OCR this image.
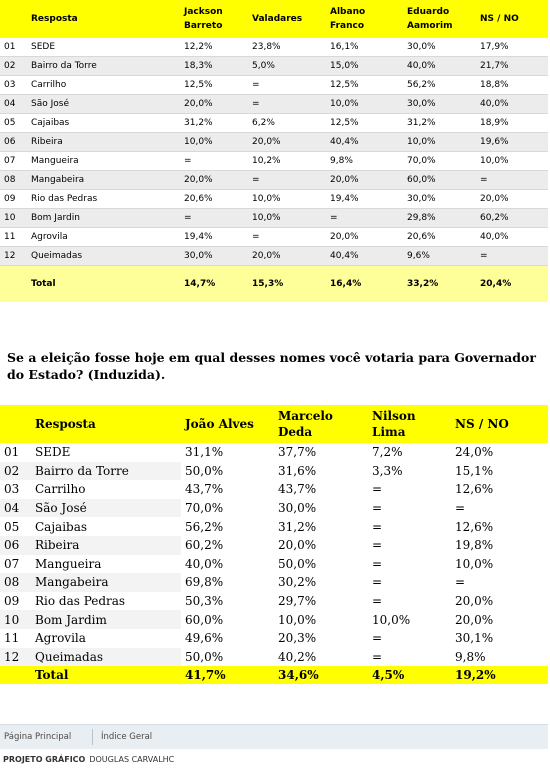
	Resposta	Jackson Barreto	Valadares	Albano Franco	Eduardo Aamorim	NS / NO
01	SEDE	12,2%	23,8%	16,1%	30,0%	17,9%
02	Bairro da Torre	18,3%	5,0%	15,0%	40,0%	21,7%
03	Carrilho	12,5%	=	12,5%	56,2%	18,8%
04	São José	20,0%	=	10,0%	30,0%	40,0%
05	Cajaibas	31,2%	6,2%	12,5%	31,2%	18,9%
06	Ribeira	10,0%	20,0%	40,4%	10,0%	19,6%
07	Mangueira	=	10,2%	9,8%	70,0%	10,0%
08	Mangabeira	20,0%	=	20,0%	60,0%	=
09	Rio das Pedras	20,6%	10,0%	19,4%	30,0%	20,0%
10	Bom Jardin	=	10,0%	=	29,8%	60,2%
11	Agrovila	19,4%	=	20,0%	20,6%	40,0%
12	Queimadas	30,0%	20,0%	40,4%	9,6%	=
	Total	14,7%	15,3%	16,4%	33,2%	20,4%
Se a eleição fosse hoje em qual desses nomes você votaria para Governador do Estado? (Induzida).
	Resposta	João Alves	Marcelo Deda	Nilson Lima	NS / NO
01	SEDE	31,1%	37,7%	7,2%	24,0%
02	Bairro da Torre	50,0%	31,6%	3,3%	15,1%
03	Carrilho	43,7%	43,7%	=	12,6%
04	São José	70,0%	30,0%	=	=
05	Cajaibas	56,2%	31,2%	=	12,6%
06	Ribeira	60,2%	20,0%	=	19,8%
07	Mangueira	40,0%	50,0%	=	10,0%
08	Mangabeira	69,8%	30,2%	=	=
09	Rio das Pedras	50,3%	29,7%	=	20,0%
10	Bom Jardim	60,0%	10,0%	10,0%	20,0%
11	Agrovila	49,6%	20,3%	=	30,1%
12	Queimadas	50,0%	40,2%	=	9,8%
	Total	41,7%	34,6%	4,5%	19,2%
Página Principal	Índice Geral
PROJETO GRÁFICO DOUGLAS CARVALHC
